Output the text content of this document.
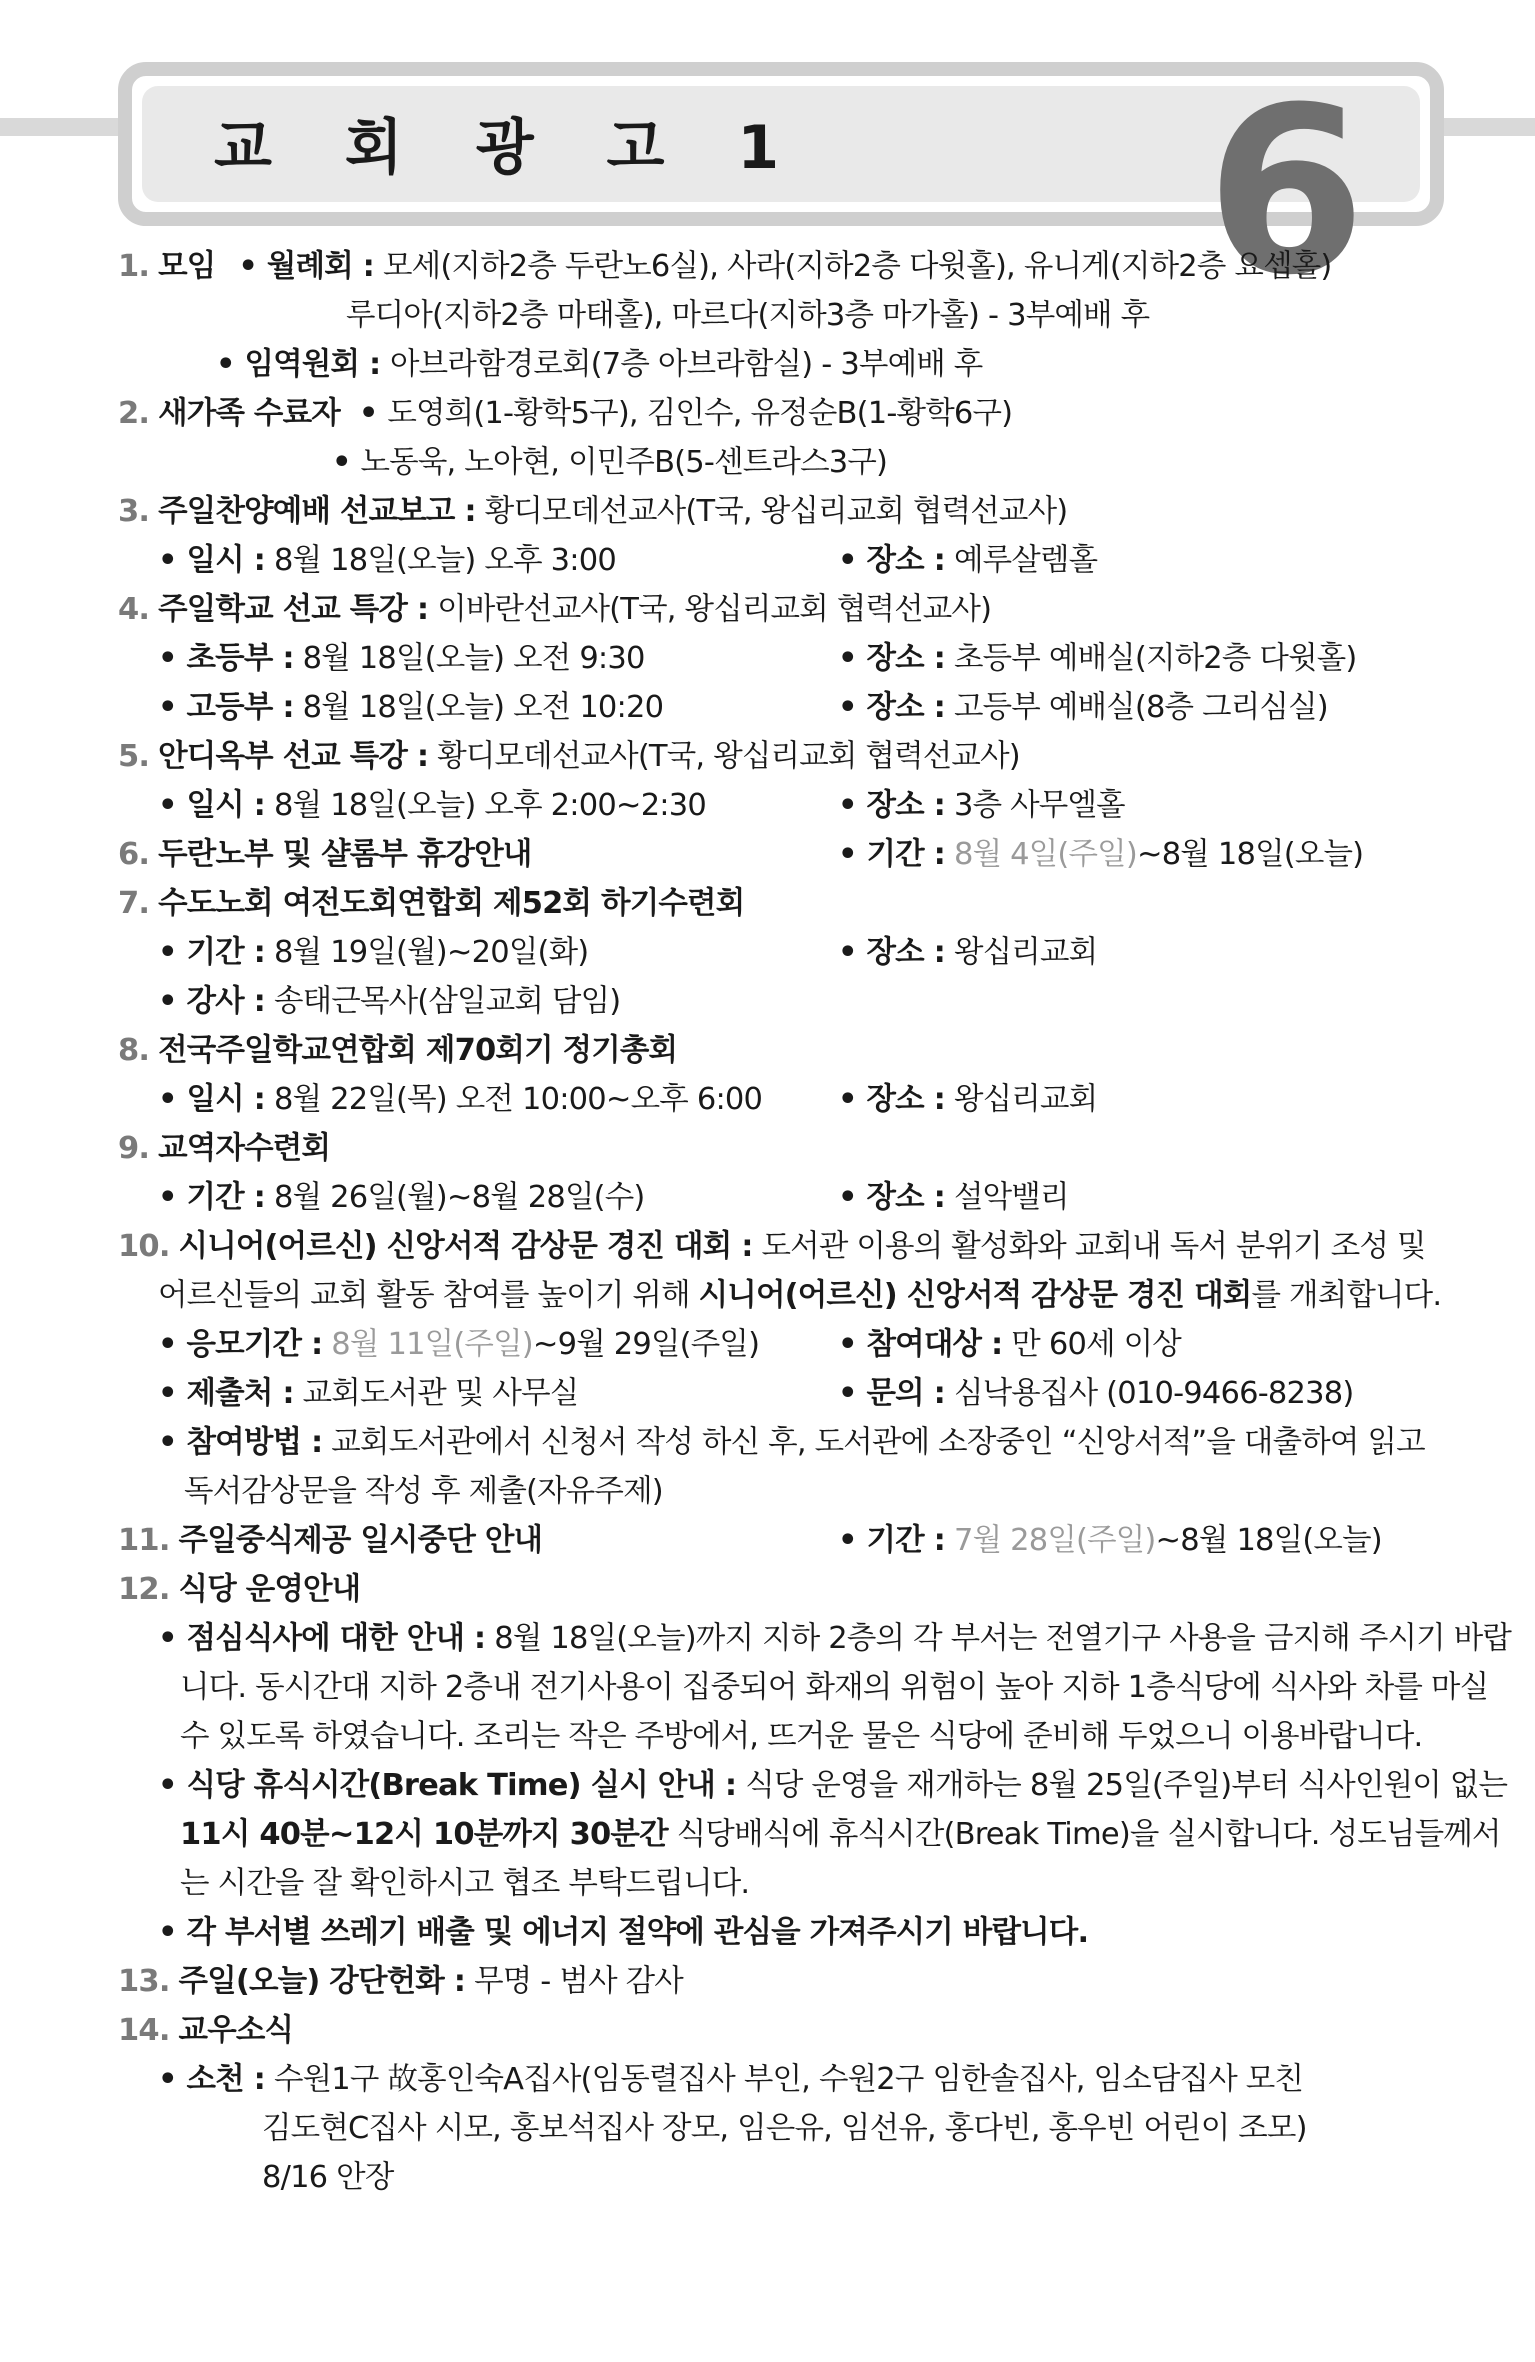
교 회 광 고 1 6
1. 모임 • 월례회 : 모세(지하2층 두란노6실), 사라(지하2층 다윗홀), 유니게(지하2층 요셉홀)
루디아(지하2층 마태홀), 마르다(지하3층 마가홀) - 3부예배 후
• 임역원회 : 아브라함경로회(7층 아브라함실) - 3부예배 후
2. 새가족 수료자 • 도영희(1-황학5구), 김인수, 유정순B(1-황학6구)
• 노동욱, 노아현, 이민주B(5-센트라스3구)
3. 주일찬양예배 선교보고 : 황디모데선교사(T국, 왕십리교회 협력선교사)
• 일시 : 8월 18일(오늘) 오후 3:00	• 장소 : 예루살렘홀
4. 주일학교 선교 특강 : 이바란선교사(T국, 왕십리교회 협력선교사)
• 초등부 : 8월 18일(오늘) 오전 9:30	• 장소 : 초등부 예배실(지하2층 다윗홀)
• 고등부 : 8월 18일(오늘) 오전 10:20	• 장소 : 고등부 예배실(8층 그리심실)
5. 안디옥부 선교 특강 : 황디모데선교사(T국, 왕십리교회 협력선교사)
• 일시 : 8월 18일(오늘) 오후 2:00~2:30	• 장소 : 3층 사무엘홀
6. 두란노부 및 샬롬부 휴강안내	• 기간 : 8월 4일(주일)~8월 18일(오늘)
7. 수도노회 여전도회연합회 제52회 하기수련회
• 기간 : 8월 19일(월)~20일(화)	• 장소 : 왕십리교회
• 강사 : 송태근목사(삼일교회 담임)
8. 전국주일학교연합회 제70회기 정기총회
• 일시 : 8월 22일(목) 오전 10:00~오후 6:00	• 장소 : 왕십리교회
9. 교역자수련회
• 기간 : 8월 26일(월)~8월 28일(수)	• 장소 : 설악밸리
10. 시니어(어르신) 신앙서적 감상문 경진 대회 : 도서관 이용의 활성화와 교회내 독서 분위기 조성 및
어르신들의 교회 활동 참여를 높이기 위해 시니어(어르신) 신앙서적 감상문 경진 대회를 개최합니다.
• 응모기간 : 8월 11일(주일)~9월 29일(주일)	• 참여대상 : 만 60세 이상
• 제출처 : 교회도서관 및 사무실	• 문의 : 심낙용집사 (010-9466-8238)
• 참여방법 : 교회도서관에서 신청서 작성 하신 후, 도서관에 소장중인 “신앙서적”을 대출하여 읽고
독서감상문을 작성 후 제출(자유주제)
11. 주일중식제공 일시중단 안내	• 기간 : 7월 28일(주일)~8월 18일(오늘)
12. 식당 운영안내
• 점심식사에 대한 안내 : 8월 18일(오늘)까지 지하 2층의 각 부서는 전열기구 사용을 금지해 주시기 바랍
니다. 동시간대 지하 2층내 전기사용이 집중되어 화재의 위험이 높아 지하 1층식당에 식사와 차를 마실
수 있도록 하였습니다. 조리는 작은 주방에서, 뜨거운 물은 식당에 준비해 두었으니 이용바랍니다.
• 식당 휴식시간(Break Time) 실시 안내 : 식당 운영을 재개하는 8월 25일(주일)부터 식사인원이 없는
11시 40분~12시 10분까지 30분간 식당배식에 휴식시간(Break Time)을 실시합니다. 성도님들께서
는 시간을 잘 확인하시고 협조 부탁드립니다.
• 각 부서별 쓰레기 배출 및 에너지 절약에 관심을 가져주시기 바랍니다.
13. 주일(오늘) 강단헌화 : 무명 - 범사 감사
14. 교우소식
• 소천 : 수원1구 故홍인숙A집사(임동렬집사 부인, 수원2구 임한솔집사, 임소담집사 모친
김도현C집사 시모, 홍보석집사 장모, 임은유, 임선유, 홍다빈, 홍우빈 어린이 조모)
8/16 안장
